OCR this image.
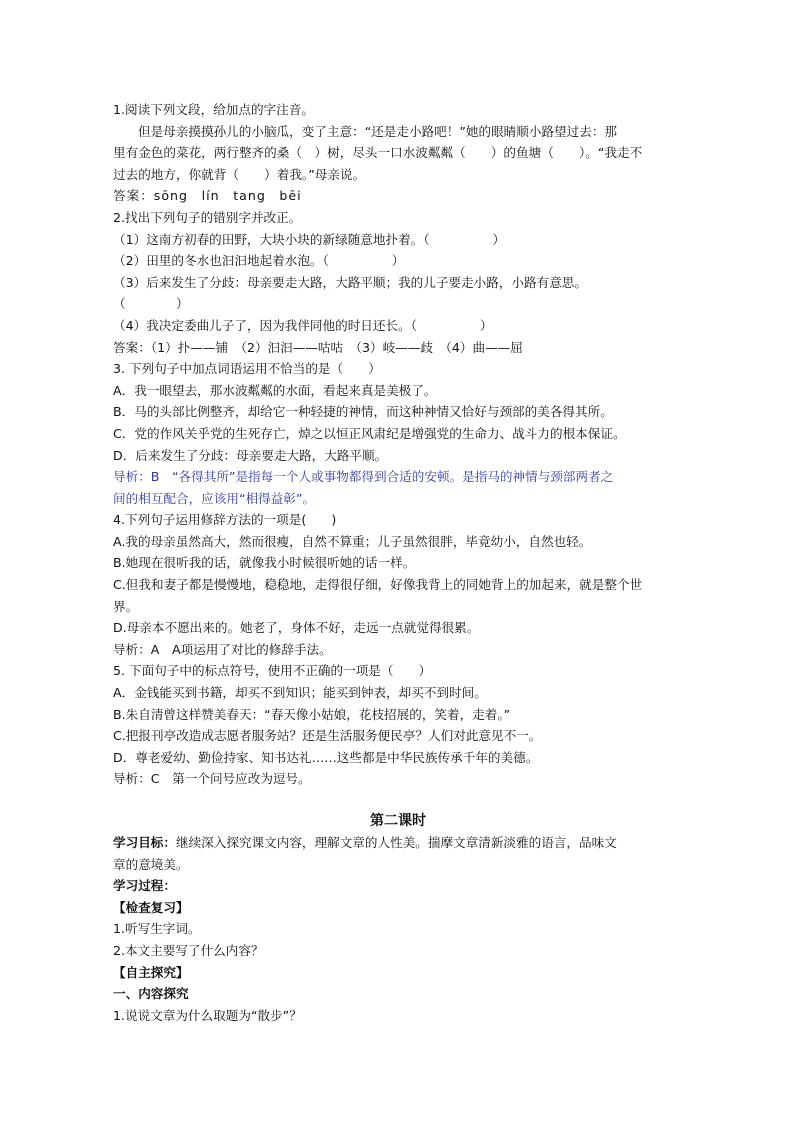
1.阅读下列文段，给加点的字注音。
但是母亲摸摸孙儿的小脑瓜，变了主意：“还是走小路吧！”她的眼睛顺小路望过去：那
里有金色的菜花，两行整齐的桑（　）树，尽头一口水波粼粼（　　）的鱼塘（　　）。“我走不
过去的地方，你就背（　　）着我。”母亲说。
答案：sōng　lín　tang　bēi
2.找出下列句子的错别字并改正。
（1）这南方初春的田野，大块小块的新绿随意地扑着。（　　　　　）
（2）田里的冬水也汩汩地起着水泡。（　　　　　）
（3）后来发生了分歧：母亲要走大路，大路平顺；我的儿子要走小路，小路有意思。
（　　　　）
（4）我决定委曲儿子了，因为我伴同他的时日还长。（　　　　　）
答案：（1）扑——铺　（2）汩汩——咕咕　（3）岐——歧　（4）曲——屈
3. 下列句子中加点词语运用不恰当的是（　　）
A．我一眼望去，那水波粼粼的水面，看起来真是美极了。
B．马的头部比例整齐，却给它一种轻捷的神情，而这种神情又恰好与颈部的美各得其所。
C．党的作风关乎党的生死存亡，焯之以恒正风肃纪是增强党的生命力、战斗力的根本保证。
D．后来发生了分歧：母亲要走大路，大路平顺。
导析：B　“各得其所”是指每一个人或事物都得到合适的安顿。是指马的神情与颈部两者之
间的相互配合，应该用“相得益彰”。
4.下列句子运用修辞方法的一项是(　　)
A.我的母亲虽然高大，然而很瘦，自然不算重；儿子虽然很胖，毕竟幼小，自然也轻。
B.她现在很听我的话，就像我小时候很听她的话一样。
C.但我和妻子都是慢慢地，稳稳地，走得很仔细，好像我背上的同她背上的加起来，就是整个世
界。
D.母亲本不愿出来的。她老了，身体不好，走远一点就觉得很累。
导析：A　A项运用了对比的修辞手法。
5. 下面句子中的标点符号，使用不正确的一项是（　　）
A．金钱能买到书籍，却买不到知识；能买到钟表，却买不到时间。
B.朱自清曾这样赞美春天：“春天像小姑娘，花枝招展的，笑着，走着。”
C.把报刊亭改造成志愿者服务站？还是生活服务便民亭？人们对此意见不一。
D．尊老爱幼、勤俭持家、知书达礼……这些都是中华民族传承千年的美德。
导析：C　第一个问号应改为逗号。
第二课时
学习目标：继续深入探究课文内容，理解文章的人性美。揣摩文章清新淡雅的语言，品味文
章的意境美。
学习过程：
【检查复习】
1.听写生字词。
2.本文主要写了什么内容？
【自主探究】
一、内容探究
1.说说文章为什么取题为“散步”？
